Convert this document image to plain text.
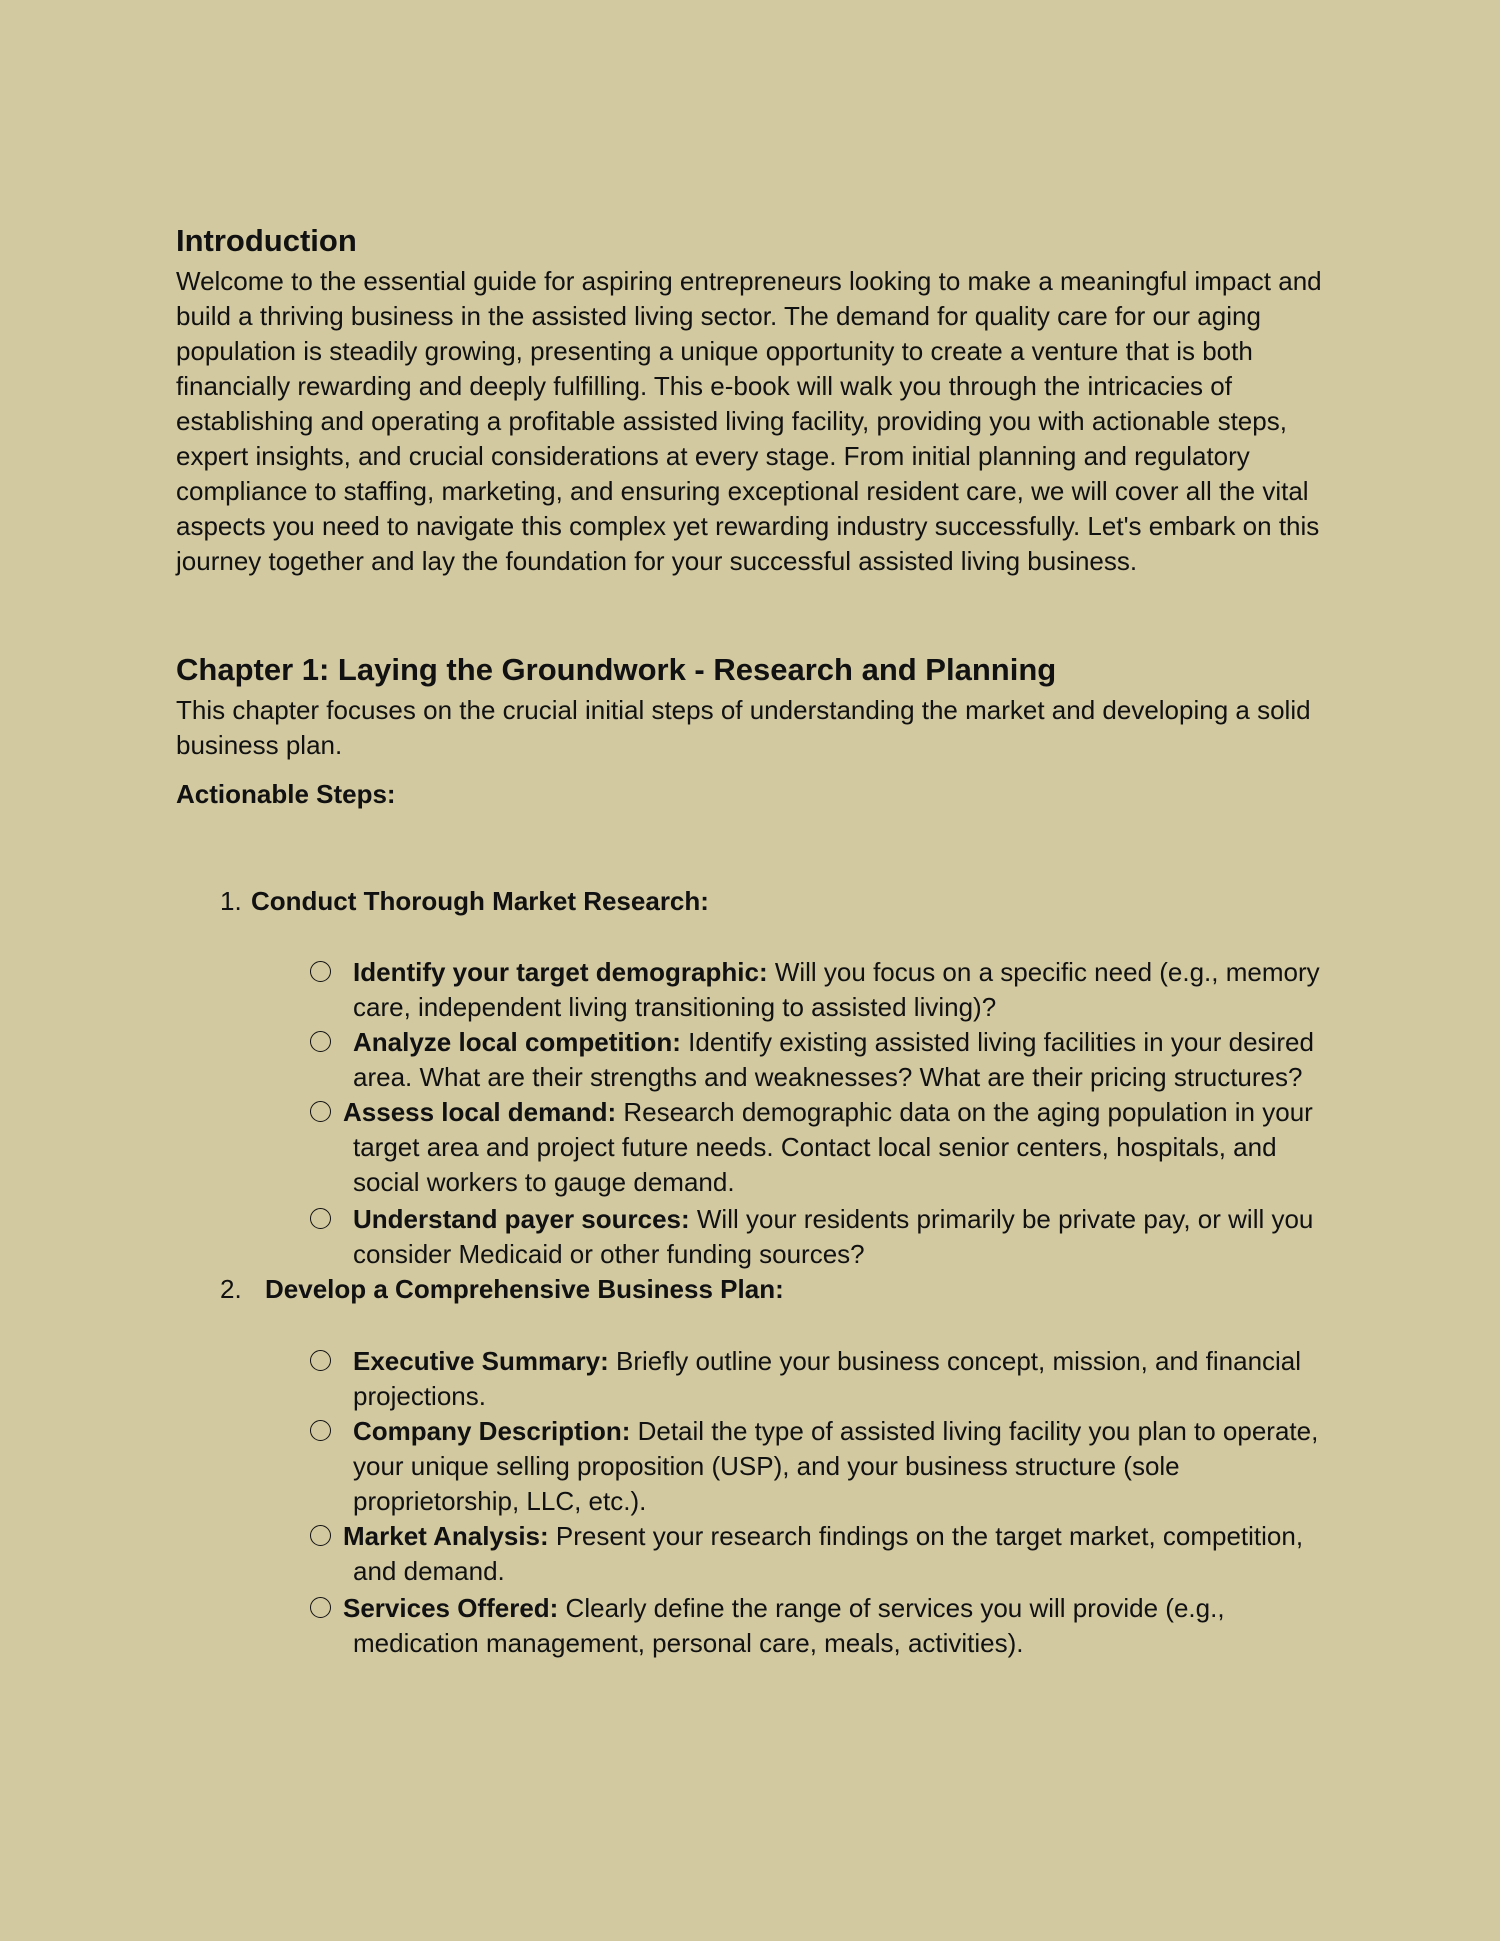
Introduction

Welcome to the essential guide for aspiring entrepreneurs looking to make a meaningful impact and build a thriving business in the assisted living sector. The demand for quality care for our aging population is steadily growing, presenting a unique opportunity to create a venture that is both financially rewarding and deeply fulfilling. This e-book will walk you through the intricacies of establishing and operating a profitable assisted living facility, providing you with actionable steps, expert insights, and crucial considerations at every stage. From initial planning and regulatory compliance to staffing, marketing, and ensuring exceptional resident care, we will cover all the vital aspects you need to navigate this complex yet rewarding industry successfully. Let's embark on this journey together and lay the foundation for your successful assisted living business.

Chapter 1: Laying the Groundwork - Research and Planning

This chapter focuses on the crucial initial steps of understanding the market and developing a solid business plan.

Actionable Steps:
1. Conduct Thorough Market Research:
Identify your target demographic: Will you focus on a specific need (e.g., memory care, independent living transitioning to assisted living)?
Analyze local competition: Identify existing assisted living facilities in your desired area. What are their strengths and weaknesses? What are their pricing structures?
Assess local demand: Research demographic data on the aging population in your target area and project future needs. Contact local senior centers, hospitals, and social workers to gauge demand.
Understand payer sources: Will your residents primarily be private pay, or will you consider Medicaid or other funding sources?
2. Develop a Comprehensive Business Plan:
Executive Summary: Briefly outline your business concept, mission, and financial projections.
Company Description: Detail the type of assisted living facility you plan to operate, your unique selling proposition (USP), and your business structure (sole proprietorship, LLC, etc.).
Market Analysis: Present your research findings on the target market, competition, and demand.
Services Offered: Clearly define the range of services you will provide (e.g., medication management, personal care, meals, activities).
